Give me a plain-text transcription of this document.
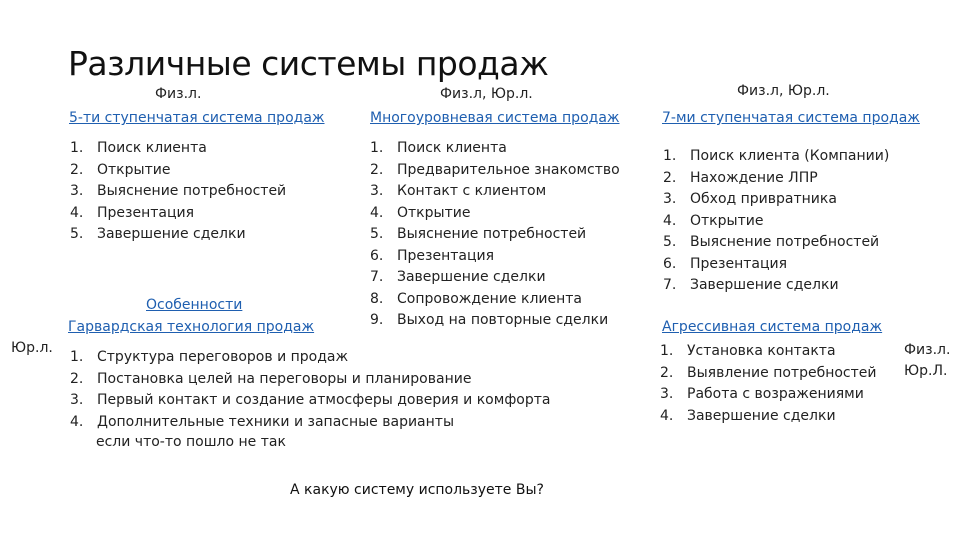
Различные системы продаж
Физ.л.
5-ти ступенчатая система продаж
1. Поиск клиента
2. Открытие
3. Выяснение потребностей
4. Презентация
5. Завершение сделки
Физ.л, Юр.л.
Многоуровневая система продаж
1. Поиск клиента
2. Предварительное знакомство
3. Контакт с клиентом
4. Открытие
5. Выяснение потребностей
6. Презентация
7. Завершение сделки
8. Сопровождение клиента
9. Выход на повторные сделки
Физ.л, Юр.л.
7-ми ступенчатая система продаж
1. Поиск клиента (Компании)
2. Нахождение ЛПР
3. Обход привратника
4. Открытие
5. Выяснение потребностей
6. Презентация
7. Завершение сделки
Особенности
Гарвардская технология продаж
Юр.л.
1. Структура переговоров и продаж
2. Постановка целей на переговоры и планирование
3. Первый контакт и создание атмосферы доверия и комфорта
4. Дополнительные техники и запасные варианты
если что-то пошло не так
Агрессивная система продаж
1. Установка контакта
2. Выявление потребностей
3. Работа с возражениями
4. Завершение сделки
Физ.л.
Юр.Л.
А какую систему используете Вы?
